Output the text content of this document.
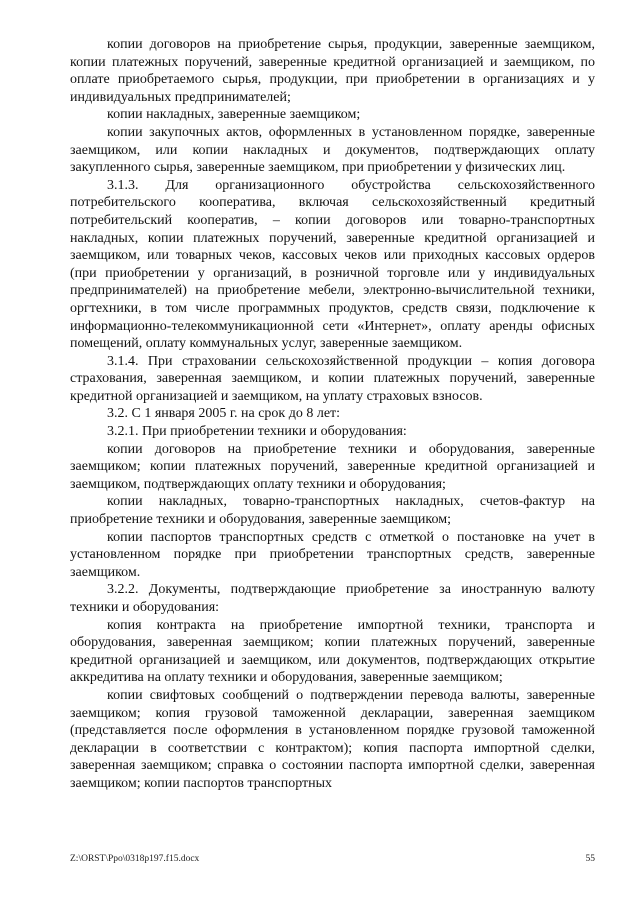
копии договоров на приобретение сырья, продукции, заверенные заемщиком, копии платежных поручений, заверенные кредитной организацией и заемщиком, по оплате приобретаемого сырья, продукции, при приобретении в организациях и у индивидуальных предпринимателей;

копии накладных, заверенные заемщиком;

копии закупочных актов, оформленных в установленном порядке, заверенные заемщиком, или копии накладных и документов, подтверждающих оплату закупленного сырья, заверенные заемщиком, при приобретении у физических лиц.

3.1.3. Для организационного обустройства сельскохозяйственного потребительского кооператива, включая сельскохозяйственный кредитный потребительский кооператив, – копии договоров или товарно-транспортных накладных, копии платежных поручений, заверенные кредитной организацией и заемщиком, или товарных чеков, кассовых чеков или приходных кассовых ордеров (при приобретении у организаций, в розничной торговле или у индивидуальных предпринимателей) на приобретение мебели, электронно-вычислительной техники, оргтехники, в том числе программных продуктов, средств связи, подключение к информационно-телекоммуникационной сети «Интернет», оплату аренды офисных помещений, оплату коммунальных услуг, заверенные заемщиком.

3.1.4. При страховании сельскохозяйственной продукции – копия договора страхования, заверенная заемщиком, и копии платежных поручений, заверенные кредитной организацией и заемщиком, на уплату страховых взносов.

3.2. С 1 января 2005 г. на срок до 8 лет:

3.2.1. При приобретении техники и оборудования:

копии договоров на приобретение техники и оборудования, заверенные заемщиком; копии платежных поручений, заверенные кредитной организацией и заемщиком, подтверждающих оплату техники и оборудования;

копии накладных, товарно-транспортных накладных, счетов-фактур на приобретение техники и оборудования, заверенные заемщиком;

копии паспортов транспортных средств с отметкой о постановке на учет в установленном порядке при приобретении транспортных средств, заверенные заемщиком.

3.2.2. Документы, подтверждающие приобретение за иностранную валюту техники и оборудования:

копия контракта на приобретение импортной техники, транспорта и оборудования, заверенная заемщиком; копии платежных поручений, заверенные кредитной организацией и заемщиком, или документов, подтверждающих открытие аккредитива на оплату техники и оборудования, заверенные заемщиком;

копии свифтовых сообщений о подтверждении перевода валюты, заверенные заемщиком; копия грузовой таможенной декларации, заверенная заемщиком (представляется после оформления в установленном порядке грузовой таможенной декларации в соответствии с контрактом); копия паспорта импортной сделки, заверенная заемщиком; справка о состоянии паспорта импортной сделки, заверенная заемщиком; копии паспортов транспортных

Z:\ORST\Ppo\0318p197.f15.docx	55
